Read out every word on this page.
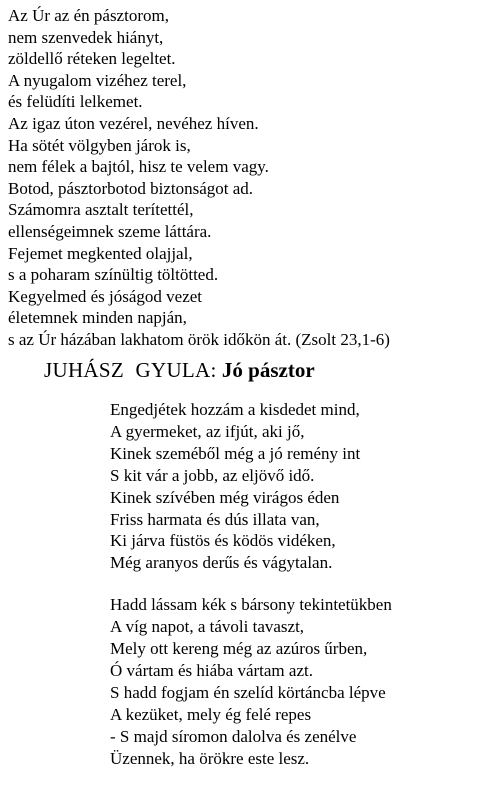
Az Úr az én pásztorom,
nem szenvedek hiányt,
zöldellő réteken legeltet.
A nyugalom vizéhez terel,
és felüdíti lelkemet.
Az igaz úton vezérel, nevéhez híven.
Ha sötét völgyben járok is,
nem félek a bajtól, hisz te velem vagy.
Botod, pásztorbotod biztonságot ad.
Számomra asztalt terítettél,
ellenségeimnek szeme láttára.
Fejemet megkented olajjal,
s a poharam színültig töltötted.
Kegyelmed és jóságod vezet
életemnek minden napján,
s az Úr házában lakhatom örök időkön át. (Zsolt 23,1-6)
JUHÁSZ GYULA: Jó pásztor
Engedjétek hozzám a kisdedet mind,
A gyermeket, az ifjút, aki jő,
Kinek szeméből még a jó remény int
S kit vár a jobb, az eljövő idő.
Kinek szívében még virágos éden
Friss harmata és dús illata van,
Ki járva füstös és ködös vidéken,
Még aranyos derűs és vágytalan.
Hadd lássam kék s bársony tekintetükben
A víg napot, a távoli tavaszt,
Mely ott kereng még az azúros űrben,
Ó vártam és hiába vártam azt.
S hadd fogjam én szelíd körtáncba lépve
A kezüket, mely ég felé repes
- S majd síromon dalolva és zenélve
Üzennek, ha örökre este lesz.
